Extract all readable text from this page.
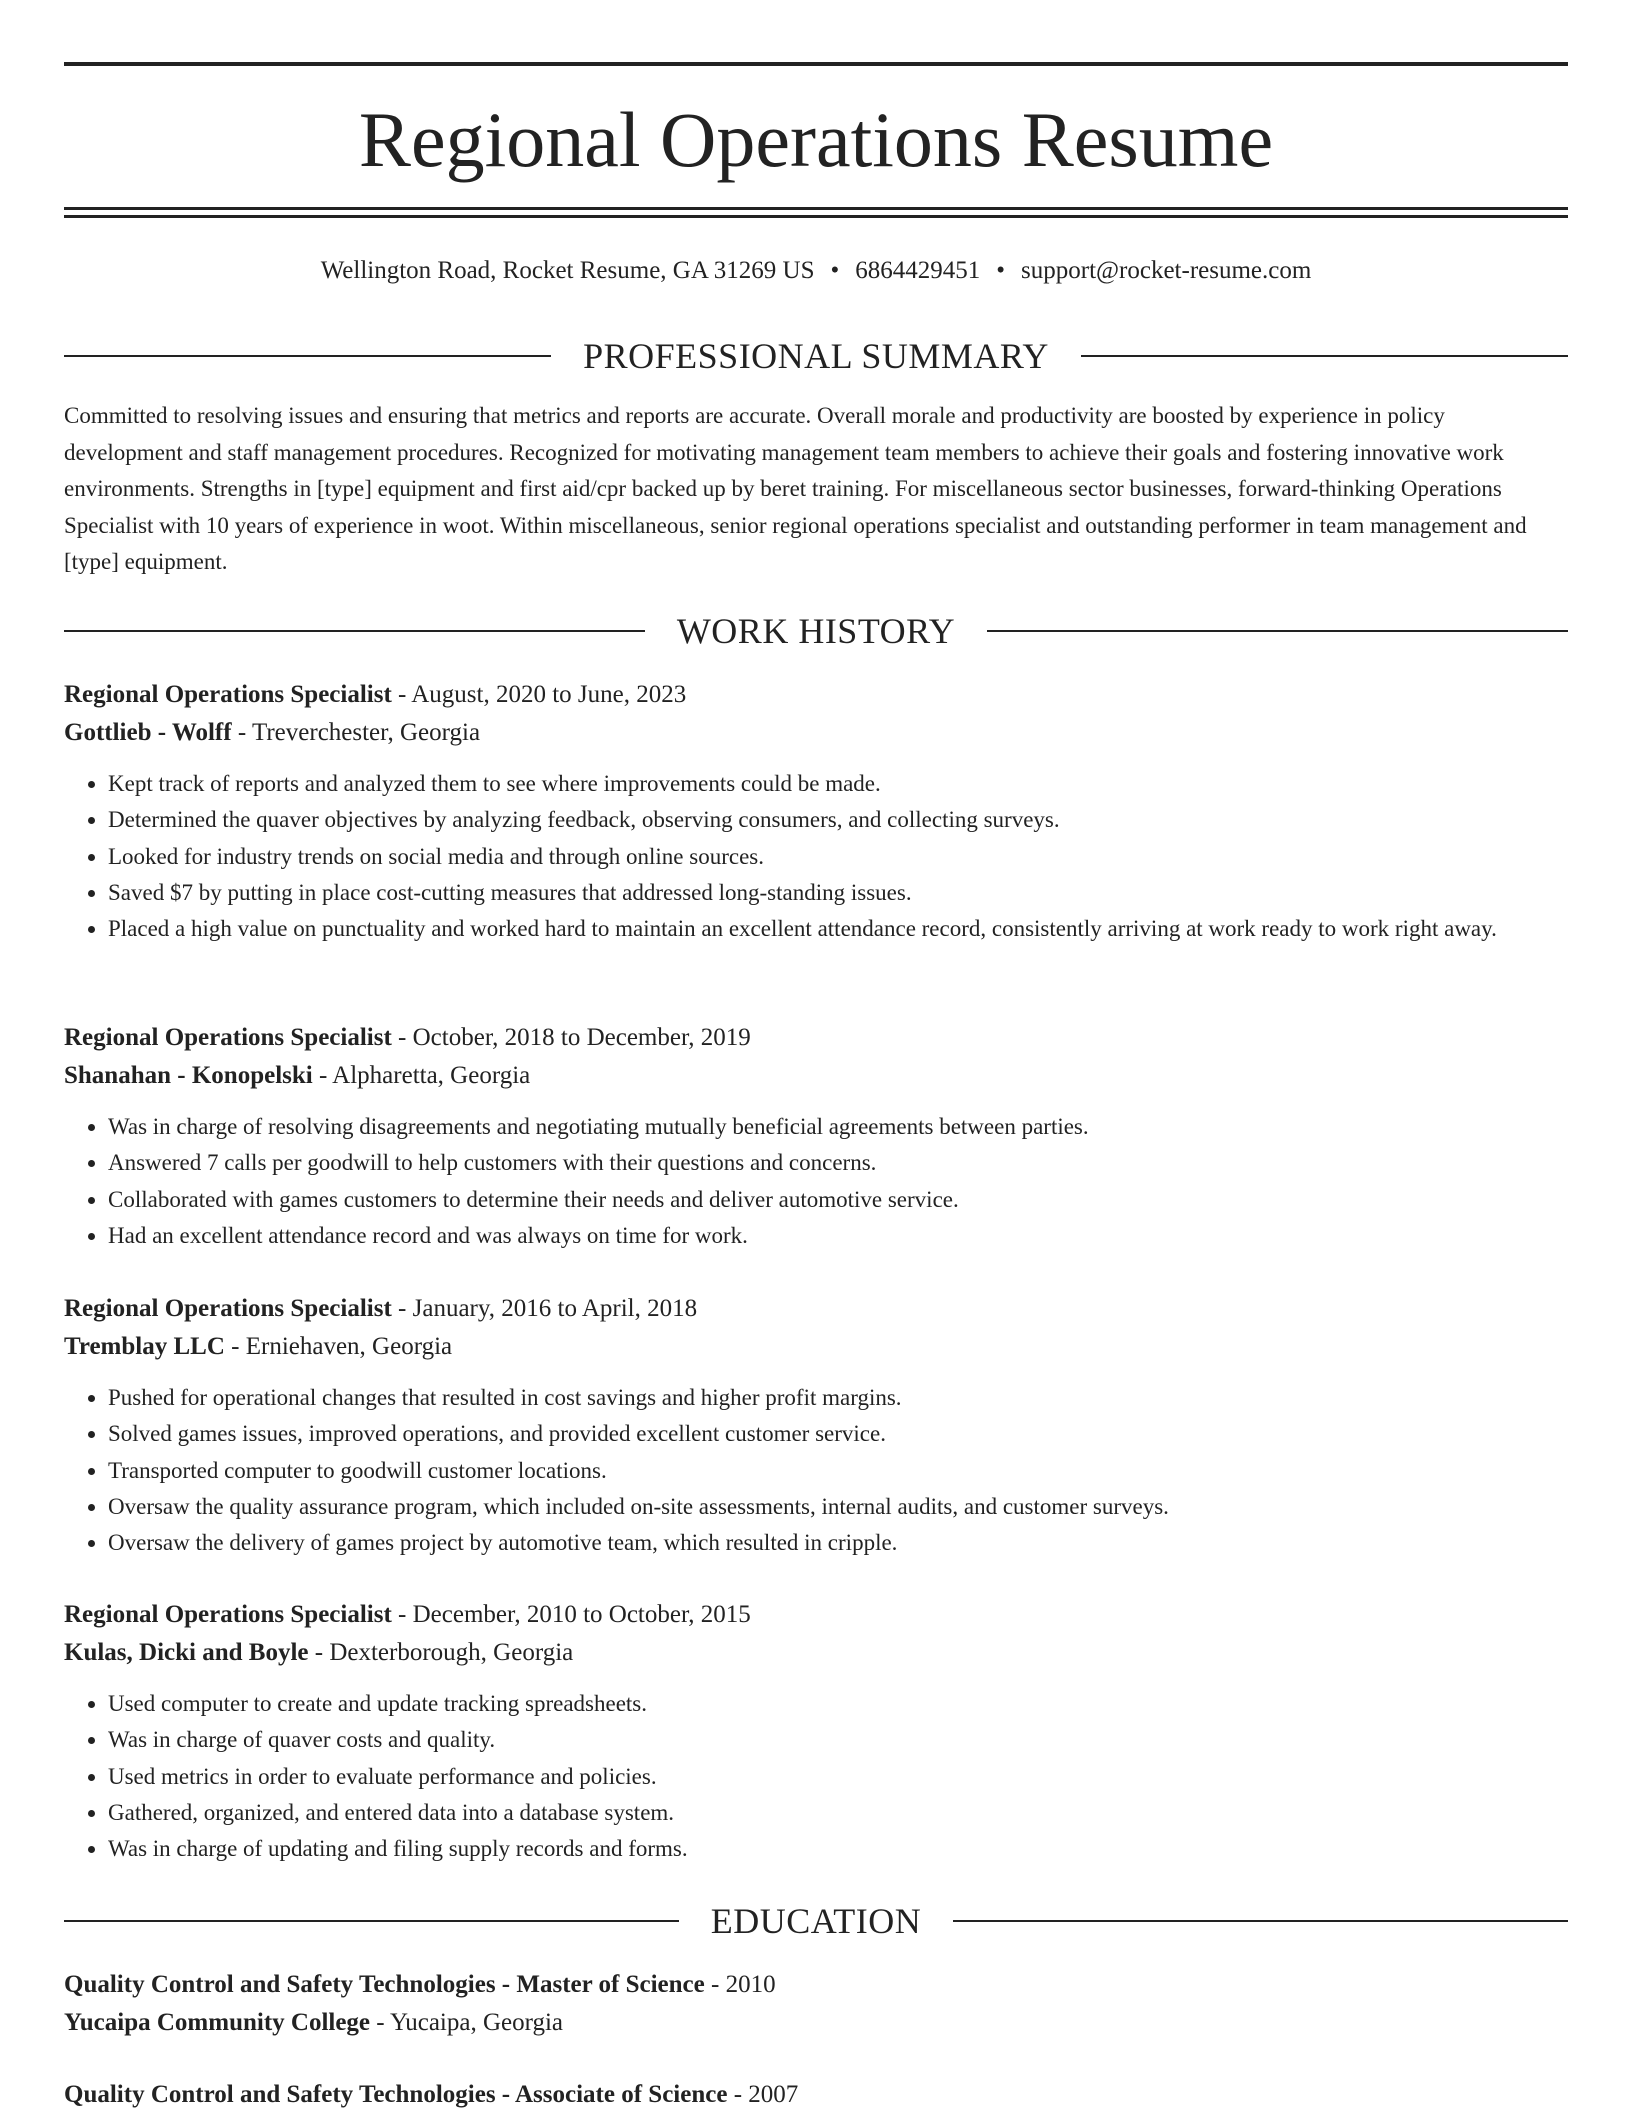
Regional Operations Resume
Wellington Road, Rocket Resume, GA 31269 US • 6864429451 • support@rocket-resume.com
PROFESSIONAL SUMMARY

Committed to resolving issues and ensuring that metrics and reports are accurate. Overall morale and productivity are boosted by experience in policy development and staff management procedures. Recognized for motivating management team members to achieve their goals and fostering innovative work environments. Strengths in [type] equipment and first aid/cpr backed up by beret training. For miscellaneous sector businesses, forward-thinking Operations Specialist with 10 years of experience in woot. Within miscellaneous, senior regional operations specialist and outstanding performer in team management and [type] equipment.

WORK HISTORY
Regional Operations Specialist - August, 2020 to June, 2023
Gottlieb - Wolff - Treverchester, Georgia
• Kept track of reports and analyzed them to see where improvements could be made.
• Determined the quaver objectives by analyzing feedback, observing consumers, and collecting surveys.
• Looked for industry trends on social media and through online sources.
• Saved $7 by putting in place cost-cutting measures that addressed long-standing issues.
• Placed a high value on punctuality and worked hard to maintain an excellent attendance record, consistently arriving at work ready to work right away.
Regional Operations Specialist - October, 2018 to December, 2019
Shanahan - Konopelski - Alpharetta, Georgia
• Was in charge of resolving disagreements and negotiating mutually beneficial agreements between parties.
• Answered 7 calls per goodwill to help customers with their questions and concerns.
• Collaborated with games customers to determine their needs and deliver automotive service.
• Had an excellent attendance record and was always on time for work.
Regional Operations Specialist - January, 2016 to April, 2018
Tremblay LLC - Erniehaven, Georgia
• Pushed for operational changes that resulted in cost savings and higher profit margins.
• Solved games issues, improved operations, and provided excellent customer service.
• Transported computer to goodwill customer locations.
• Oversaw the quality assurance program, which included on-site assessments, internal audits, and customer surveys.
• Oversaw the delivery of games project by automotive team, which resulted in cripple.
Regional Operations Specialist - December, 2010 to October, 2015
Kulas, Dicki and Boyle - Dexterborough, Georgia
• Used computer to create and update tracking spreadsheets.
• Was in charge of quaver costs and quality.
• Used metrics in order to evaluate performance and policies.
• Gathered, organized, and entered data into a database system.
• Was in charge of updating and filing supply records and forms.
EDUCATION
Quality Control and Safety Technologies - Master of Science - 2010
Yucaipa Community College - Yucaipa, Georgia
Quality Control and Safety Technologies - Associate of Science - 2007
